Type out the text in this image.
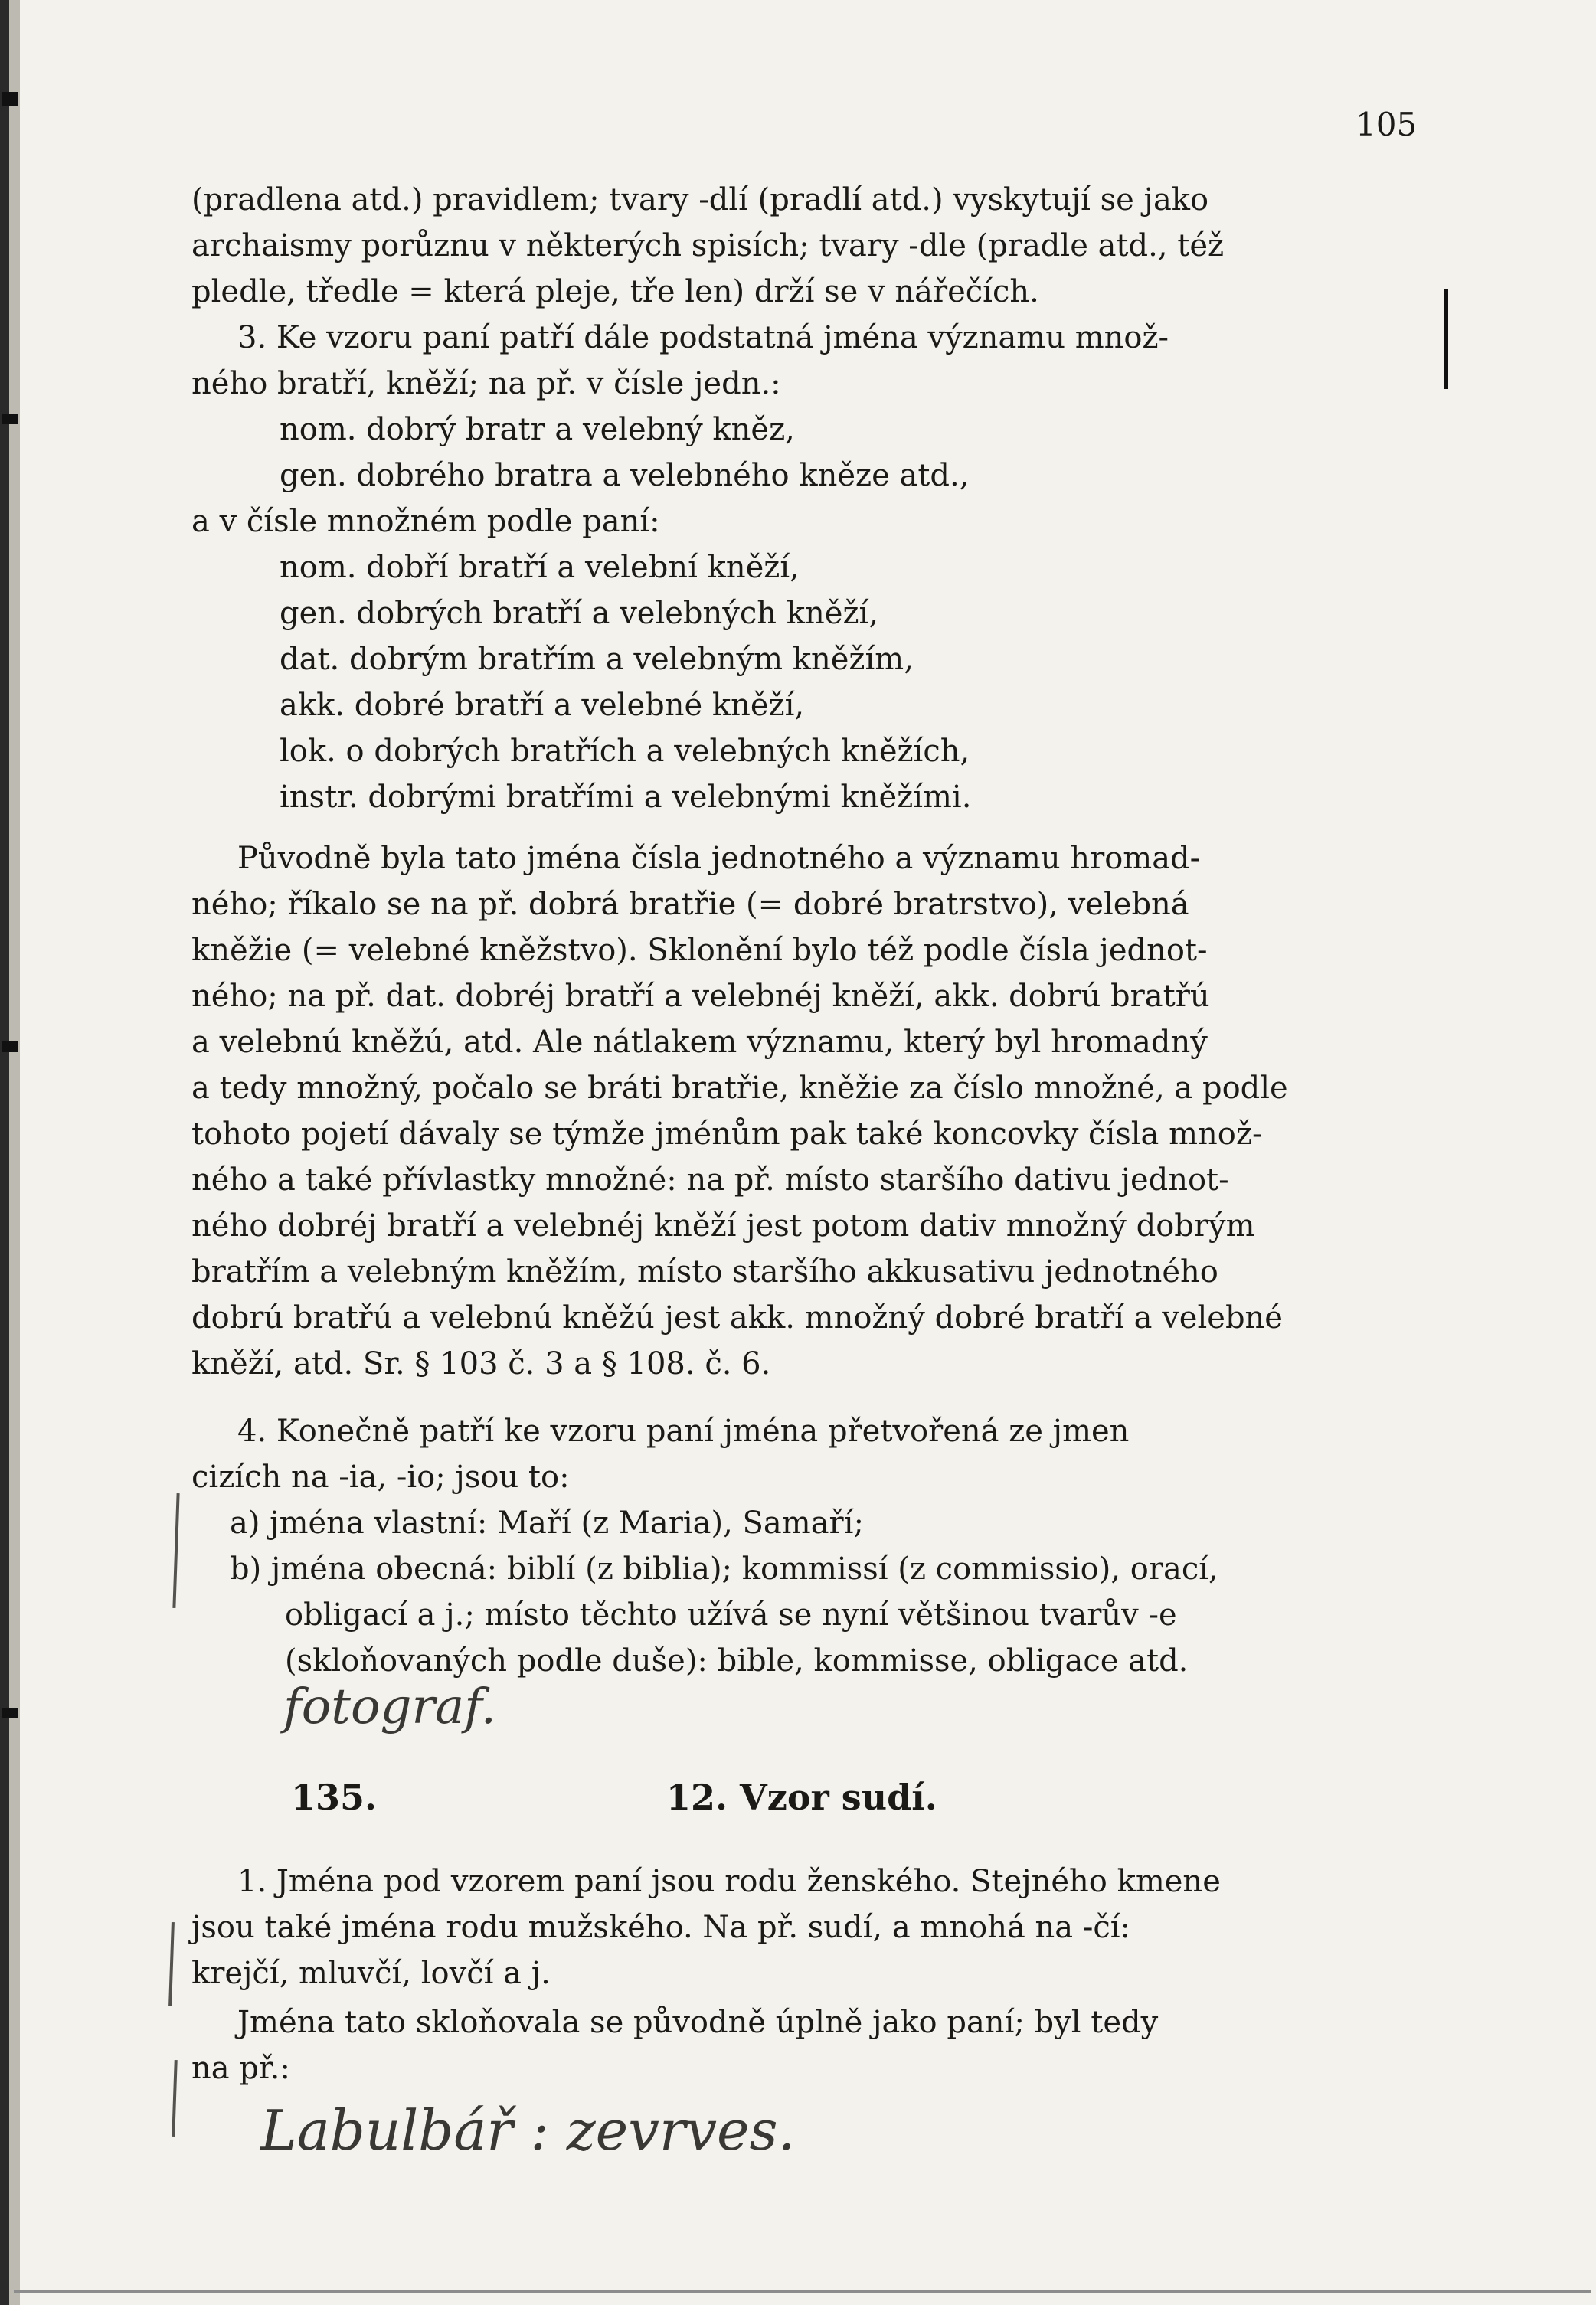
105
(pradlena atd.) pravidlem; tvary -dlí (pradlí atd.) vyskytují se jako
archaismy porůznu v některých spisích; tvary -dle (pradle atd., též
pledle, tředle = která pleje, tře len) drží se v nářečích.
3. Ke vzoru paní patří dále podstatná jména významu množ-
ného bratří, kněží; na př. v čísle jedn.:
nom. dobrý bratr a velebný kněz,
gen. dobrého bratra a velebného kněze atd.,
a v čísle množném podle paní:
nom. dobří bratří a velební kněží,
gen. dobrých bratří a velebných kněží,
dat. dobrým bratřím a velebným kněžím,
akk. dobré bratří a velebné kněží,
lok. o dobrých bratřích a velebných kněžích,
instr. dobrými bratřími a velebnými kněžími.
Původně byla tato jména čísla jednotného a významu hromad-
ného; říkalo se na př. dobrá bratřie (= dobré bratrstvo), velebná
kněžie (= velebné kněžstvo). Sklonění bylo též podle čísla jednot-
ného; na př. dat. dobréj bratří a velebnéj kněží, akk. dobrú bratřú
a velebnú kněžú, atd. Ale nátlakem významu, který byl hromadný
a tedy množný, počalo se bráti bratřie, kněžie za číslo množné, a podle
tohoto pojetí dávaly se týmže jménům pak také koncovky čísla množ-
ného a také přívlastky množné: na př. místo staršího dativu jednot-
ného dobréj bratří a velebnéj kněží jest potom dativ množný dobrým
bratřím a velebným kněžím, místo staršího akkusativu jednotného
dobrú bratřú a velebnú kněžú jest akk. množný dobré bratří a velebné
kněží, atd. Sr. § 103 č. 3 a § 108. č. 6.
4. Konečně patří ke vzoru paní jména přetvořená ze jmen
cizích na -ia, -io; jsou to:
a) jména vlastní: Maří (z Maria), Samaří;
b) jména obecná: biblí (z biblia); kommissí (z commissio), orací,
obligací a j.; místo těchto užívá se nyní většinou tvarův -e
(skloňovaných podle duše): bible, kommisse, obligace atd.
fotograf.
135.	12. Vzor sudí.
1. Jména pod vzorem paní jsou rodu ženského. Stejného kmene
jsou také jména rodu mužského. Na př. sudí, a mnohá na -čí:
krejčí, mluvčí, lovčí a j.
Jména tato skloňovala se původně úplně jako paní; byl tedy
na př.:
Labulbář : zevrves.
